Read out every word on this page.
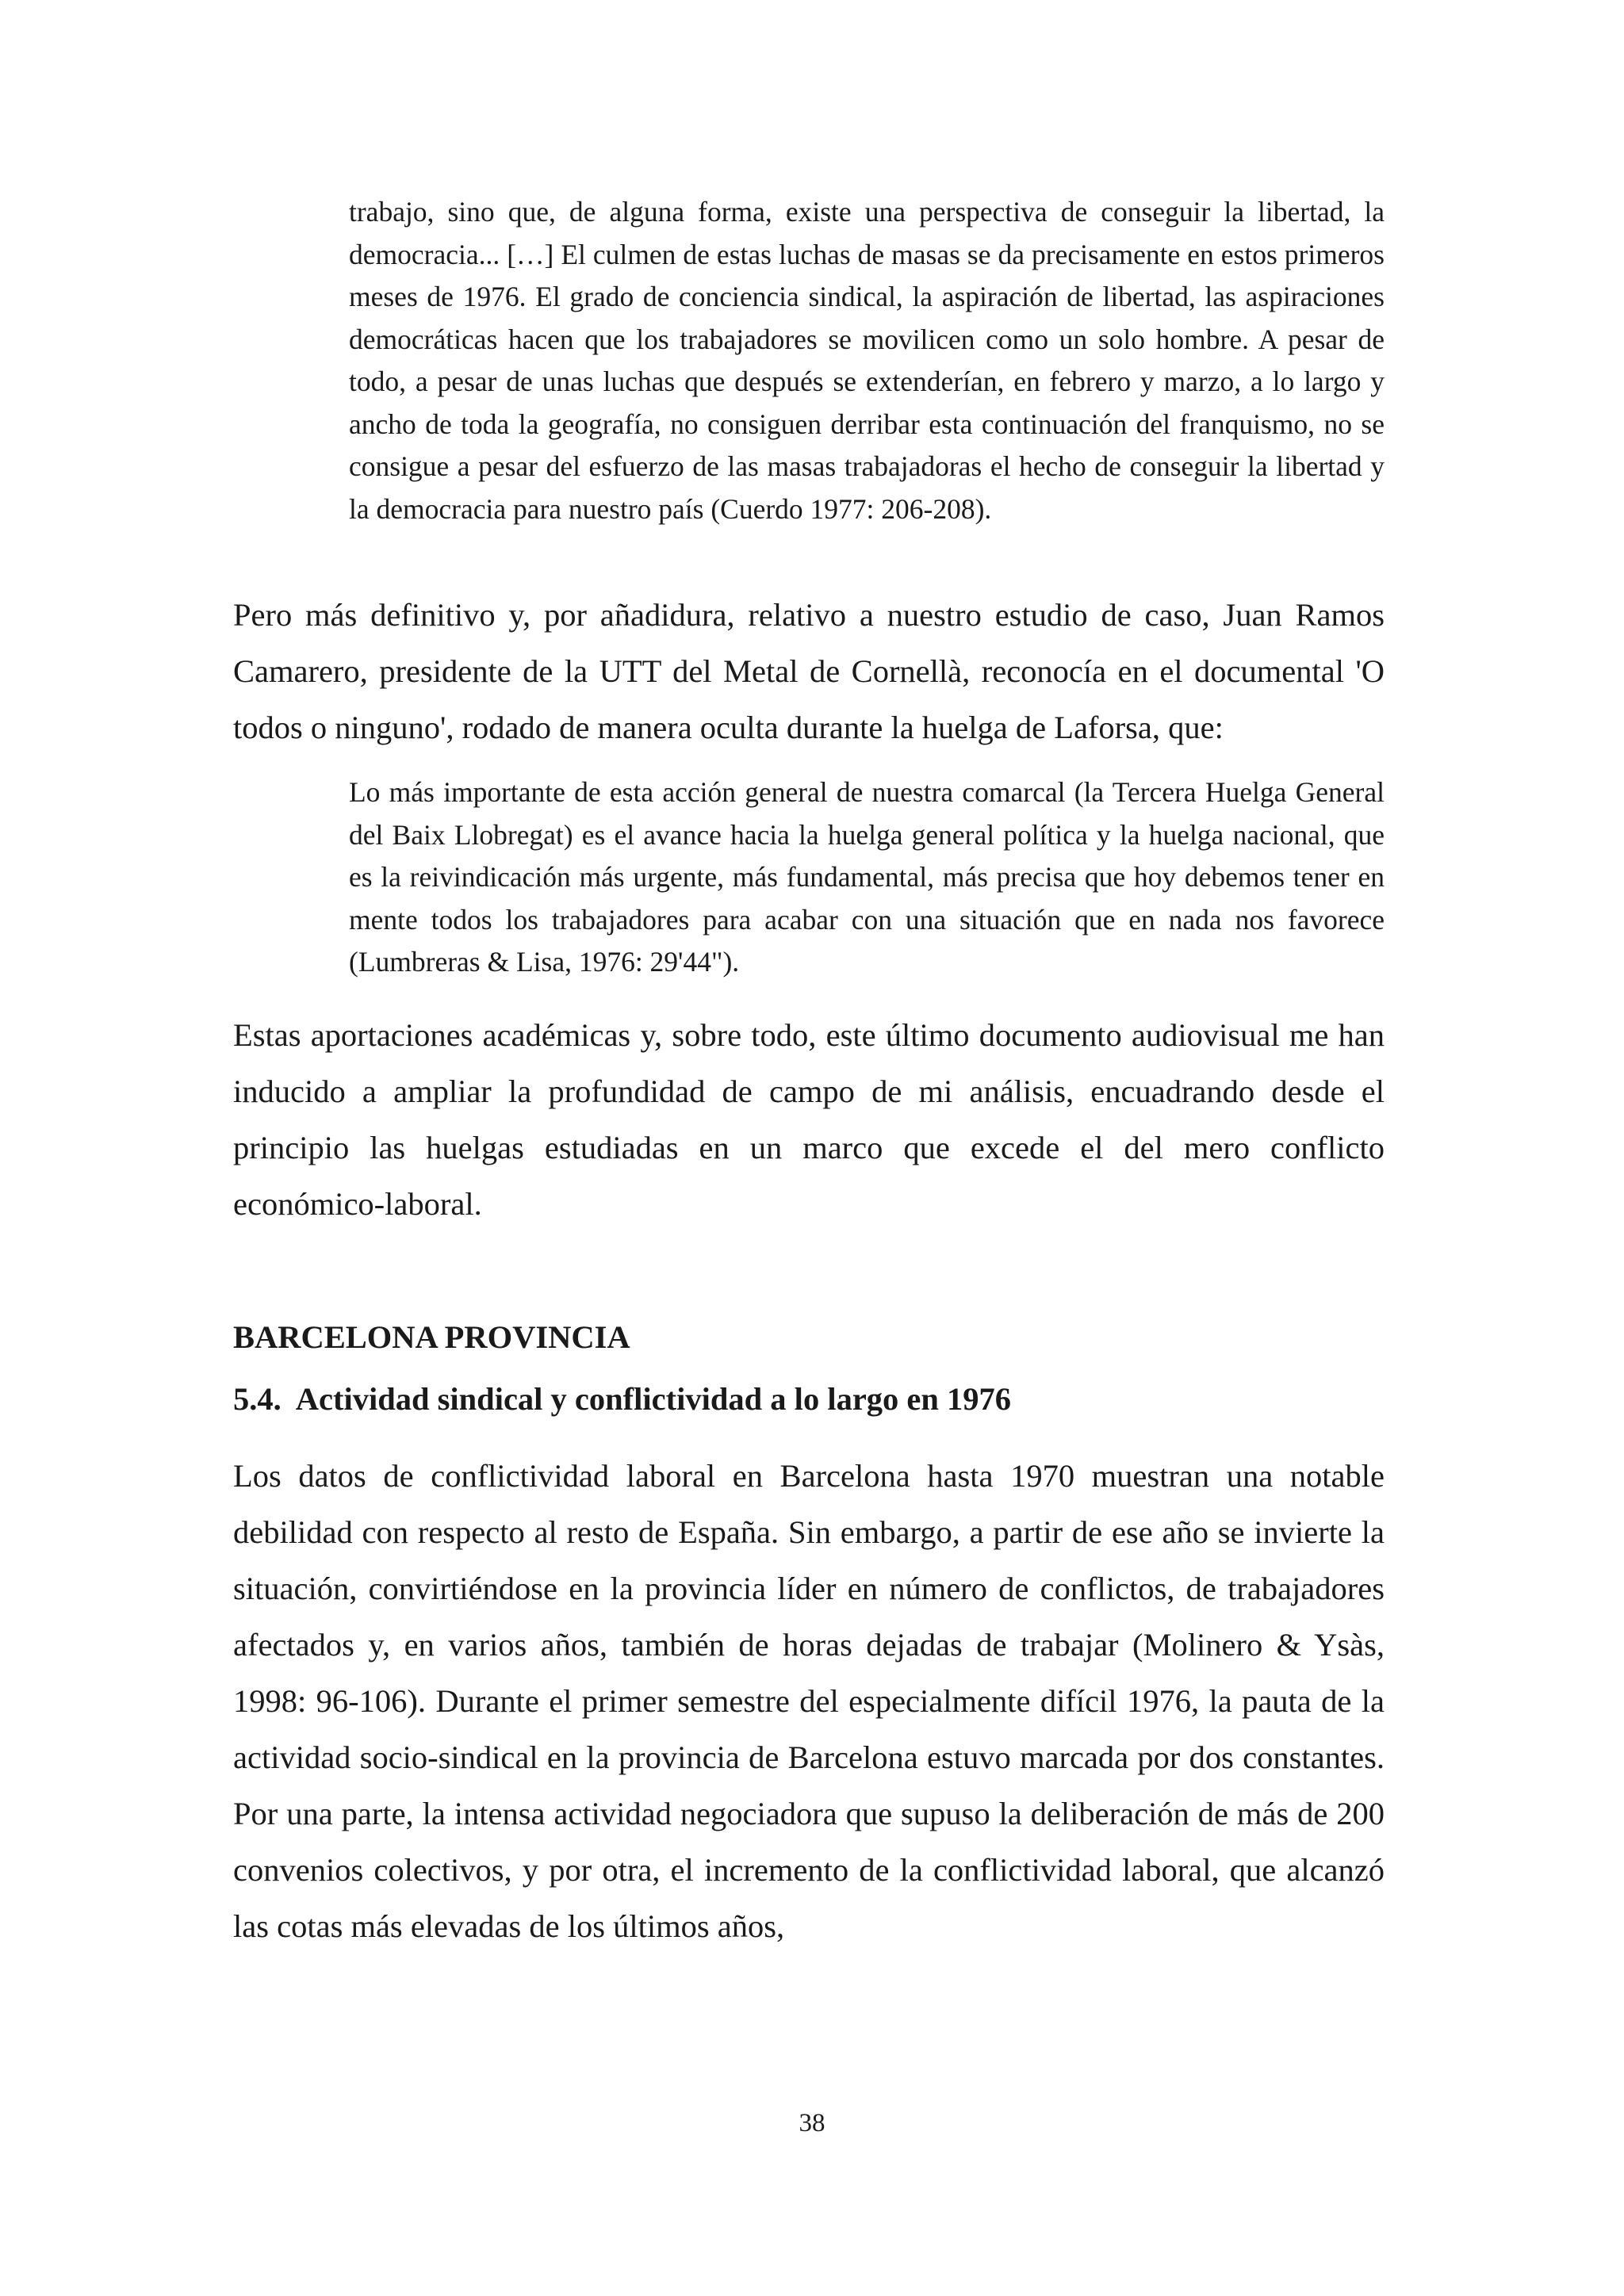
trabajo, sino que, de alguna forma, existe una perspectiva de conseguir la libertad, la democracia... […] El culmen de estas luchas de masas se da precisamente en estos primeros meses de 1976. El grado de conciencia sindical, la aspiración de libertad, las aspiraciones democráticas hacen que los trabajadores se movilicen como un solo hombre. A pesar de todo, a pesar de unas luchas que después se extenderían, en febrero y marzo, a lo largo y ancho de toda la geografía, no consiguen derribar esta continuación del franquismo, no se consigue a pesar del esfuerzo de las masas trabajadoras el hecho de conseguir la libertad y la democracia para nuestro país (Cuerdo 1977: 206-208).

Pero más definitivo y, por añadidura, relativo a nuestro estudio de caso, Juan Ramos Camarero, presidente de la UTT del Metal de Cornellà, reconocía en el documental 'O todos o ninguno', rodado de manera oculta durante la huelga de Laforsa, que:

Lo más importante de esta acción general de nuestra comarcal (la Tercera Huelga General del Baix Llobregat) es el avance hacia la huelga general política y la huelga nacional, que es la reivindicación más urgente, más fundamental, más precisa que hoy debemos tener en mente todos los trabajadores para acabar con una situación que en nada nos favorece (Lumbreras & Lisa, 1976: 29'44").

Estas aportaciones académicas y, sobre todo, este último documento audiovisual me han inducido a ampliar la profundidad de campo de mi análisis, encuadrando desde el principio las huelgas estudiadas en un marco que excede el del mero conflicto económico-laboral.

BARCELONA PROVINCIA
5.4. Actividad sindical y conflictividad a lo largo en 1976

Los datos de conflictividad laboral en Barcelona hasta 1970 muestran una notable debilidad con respecto al resto de España. Sin embargo, a partir de ese año se invierte la situación, convirtiéndose en la provincia líder en número de conflictos, de trabajadores afectados y, en varios años, también de horas dejadas de trabajar (Molinero & Ysàs, 1998: 96-106). Durante el primer semestre del especialmente difícil 1976, la pauta de la actividad socio-sindical en la provincia de Barcelona estuvo marcada por dos constantes. Por una parte, la intensa actividad negociadora que supuso la deliberación de más de 200 convenios colectivos, y por otra, el incremento de la conflictividad laboral, que alcanzó las cotas más elevadas de los últimos años,

38
